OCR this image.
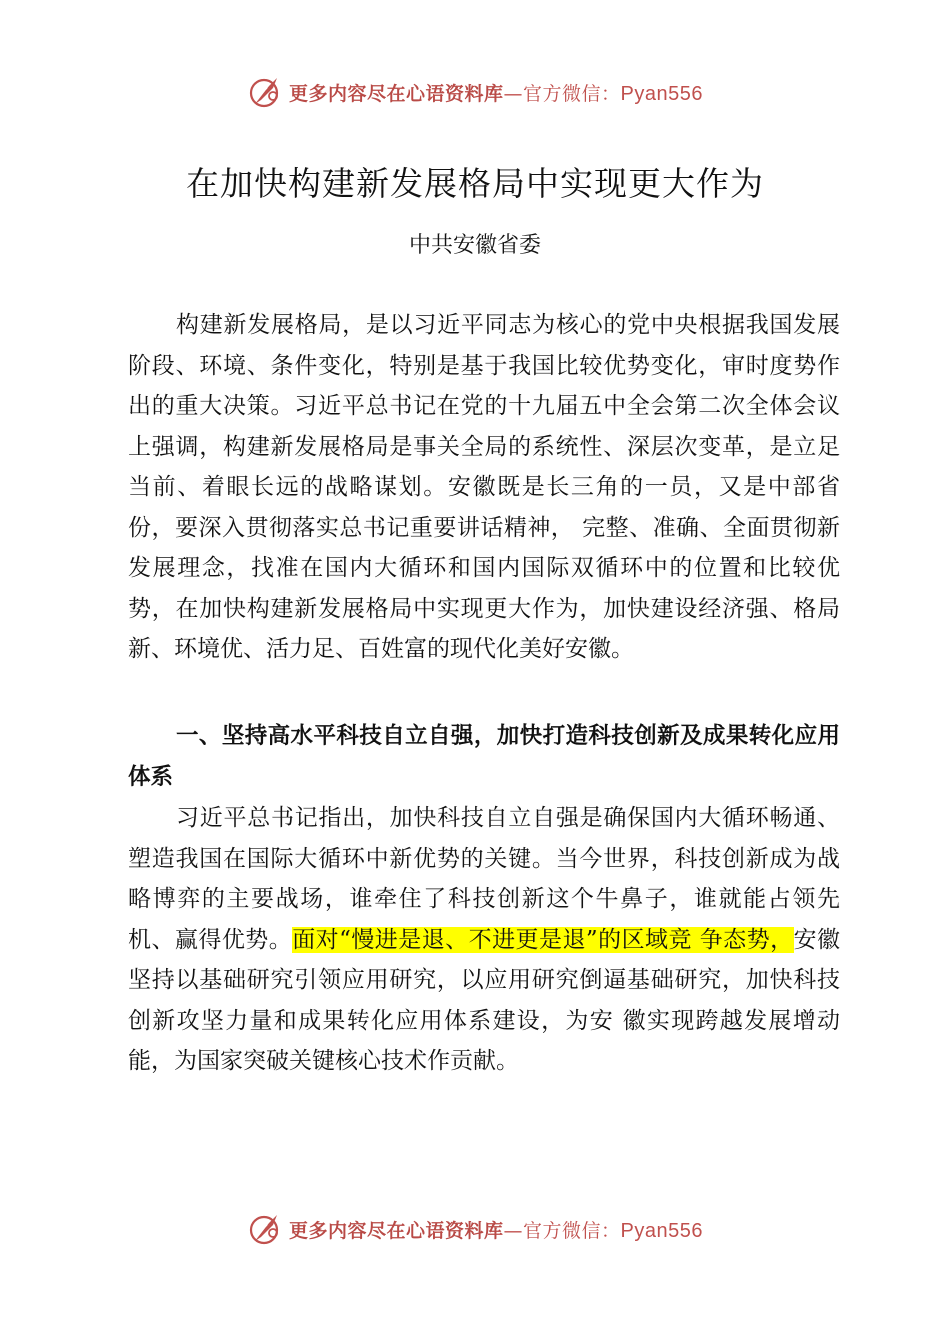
更多内容尽在心语资料库—官方微信：Pyan556
在加快构建新发展格局中实现更大作为

中共安徽省委

构建新发展格局，是以习近平同志为核心的党中央根据我国发展阶段、环境、条件变化，特别是基于我国比较优势变化，审时度势作出的重大决策。习近平总书记在党的十九届五中全会第二次全体会议上强调，构建新发展格局是事关全局的系统性、深层次变革，是立足当前、着眼长远的战略谋划。安徽既是长三角的一员，又是中部省份，要深入贯彻落实总书记重要讲话精神， 完整、准确、全面贯彻新发展理念，找准在国内大循环和国内国际双循环中的位置和比较优势，在加快构建新发展格局中实现更大作为，加快建设经济强、格局新、环境优、活力足、百姓富的现代化美好安徽。

一、坚持高水平科技自立自强，加快打造科技创新及成果转化应用体系

习近平总书记指出，加快科技自立自强是确保国内大循环畅通、塑造我国在国际大循环中新优势的关键。当今世界，科技创新成为战略博弈的主要战场，谁牵住了科技创新这个牛鼻子，谁就能占领先机、赢得优势。面对“慢进是退、不进更是退”的区域竞 争态势，安徽坚持以基础研究引领应用研究，以应用研究倒逼基础研究，加快科技创新攻坚力量和成果转化应用体系建设，为安 徽实现跨越发展增动能，为国家突破关键核心技术作贡献。

更多内容尽在心语资料库—官方微信：Pyan556
